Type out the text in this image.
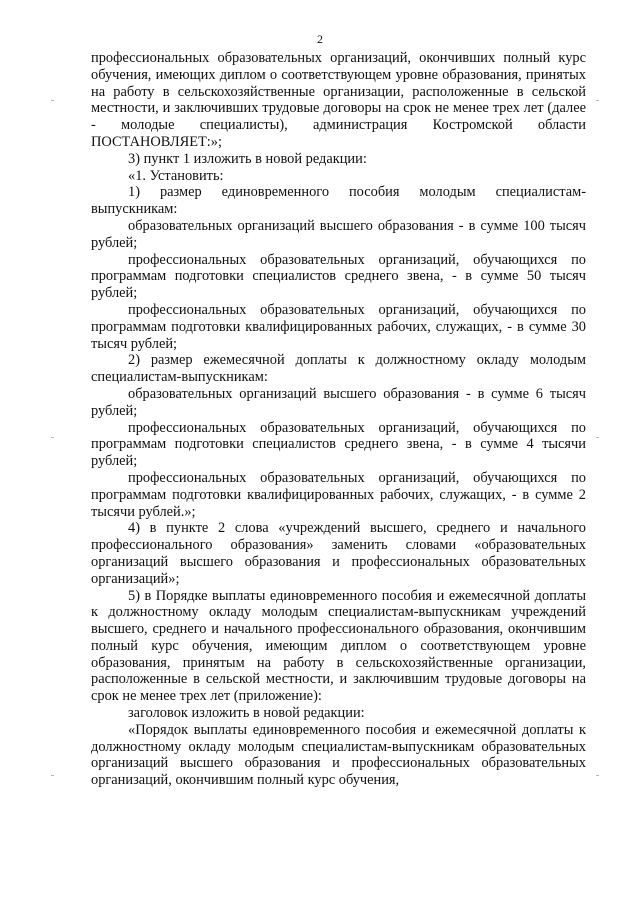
2

профессиональных образовательных организаций, окончивших полный курс обучения, имеющих диплом о соответствующем уровне образования, принятых на работу в сельскохозяйственные организации, расположенные в сельской местности, и заключивших трудовые договоры на срок не менее трех лет (далее - молодые специалисты), администрация Костромской области ПОСТАНОВЛЯЕТ:»;

3) пункт 1 изложить в новой редакции:

«1. Установить:

1) размер единовременного пособия молодым специалистам-выпускникам:

образовательных организаций высшего образования - в сумме 100 тысяч рублей;

профессиональных образовательных организаций, обучающихся по программам подготовки специалистов среднего звена, - в сумме 50 тысяч рублей;

профессиональных образовательных организаций, обучающихся по программам подготовки квалифицированных рабочих, служащих, - в сумме 30 тысяч рублей;

2) размер ежемесячной доплаты к должностному окладу молодым специалистам-выпускникам:

образовательных организаций высшего образования - в сумме 6 тысяч рублей;

профессиональных образовательных организаций, обучающихся по программам подготовки специалистов среднего звена, - в сумме 4 тысячи рублей;

профессиональных образовательных организаций, обучающихся по программам подготовки квалифицированных рабочих, служащих, - в сумме 2 тысячи рублей.»;

4) в пункте 2 слова «учреждений высшего, среднего и начального профессионального образования» заменить словами «образовательных организаций высшего образования и профессиональных образовательных организаций»;

5) в Порядке выплаты единовременного пособия и ежемесячной доплаты к должностному окладу молодым специалистам-выпускникам учреждений высшего, среднего и начального профессионального образования, окончившим полный курс обучения, имеющим диплом о соответствующем уровне образования, принятым на работу в сельскохозяйственные организации, расположенные в сельской местности, и заключившим трудовые договоры на срок не менее трех лет (приложение):

заголовок изложить в новой редакции:

«Порядок выплаты единовременного пособия и ежемесячной доплаты к должностному окладу молодым специалистам-выпускникам образовательных организаций высшего образования и профессиональных образовательных организаций, окончившим полный курс обучения,
